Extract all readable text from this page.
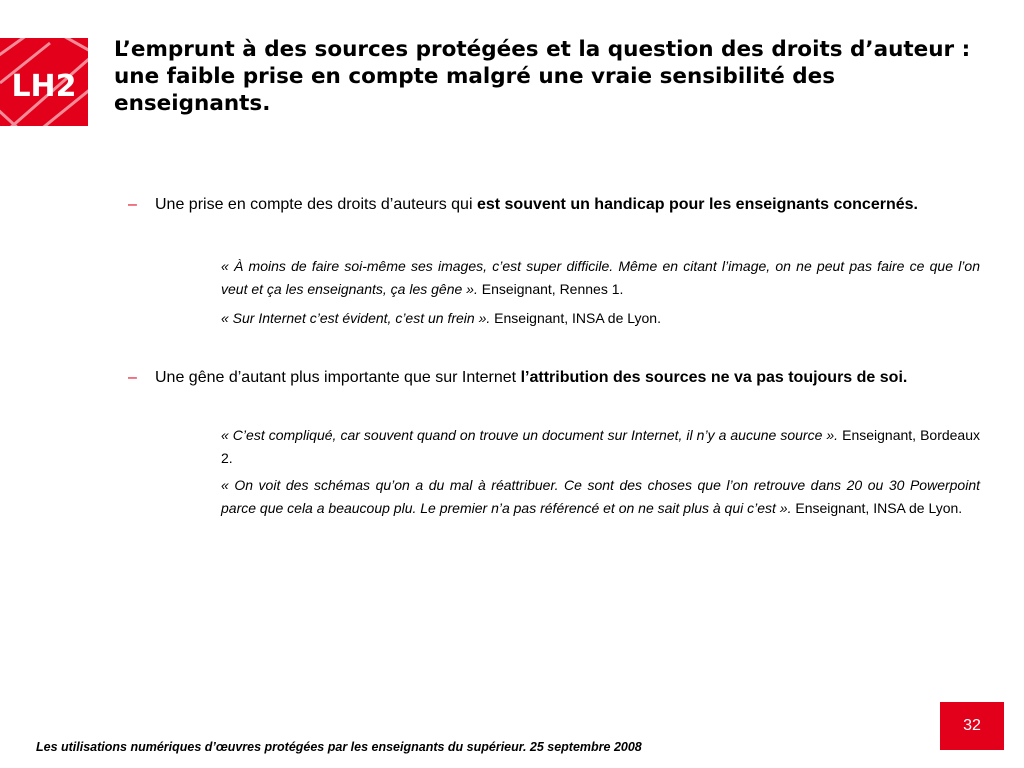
LH2
L’emprunt à des sources protégées et la question des droits d’auteur : une faible prise en compte malgré une vraie sensibilité des enseignants.
– Une prise en compte des droits d’auteurs qui est souvent un handicap pour les enseignants concernés.
« À moins de faire soi-même ses images, c’est super difficile. Même en citant l’image, on ne peut pas faire ce que l’on veut et ça les enseignants, ça les gêne ». Enseignant, Rennes 1.
« Sur Internet c’est évident, c’est un frein ». Enseignant, INSA de Lyon.
– Une gêne d’autant plus importante que sur Internet l’attribution des sources ne va pas toujours de soi.
« C’est compliqué, car souvent quand on trouve un document sur Internet, il n’y a aucune source ». Enseignant, Bordeaux 2.
« On voit des schémas qu’on a du mal à réattribuer. Ce sont des choses que l’on retrouve dans 20 ou 30 Powerpoint parce que cela a beaucoup plu. Le premier n’a pas référencé et on ne sait plus à qui c’est ». Enseignant, INSA de Lyon.
32
Les utilisations numériques d’œuvres protégées par les enseignants du supérieur. 25 septembre 2008
